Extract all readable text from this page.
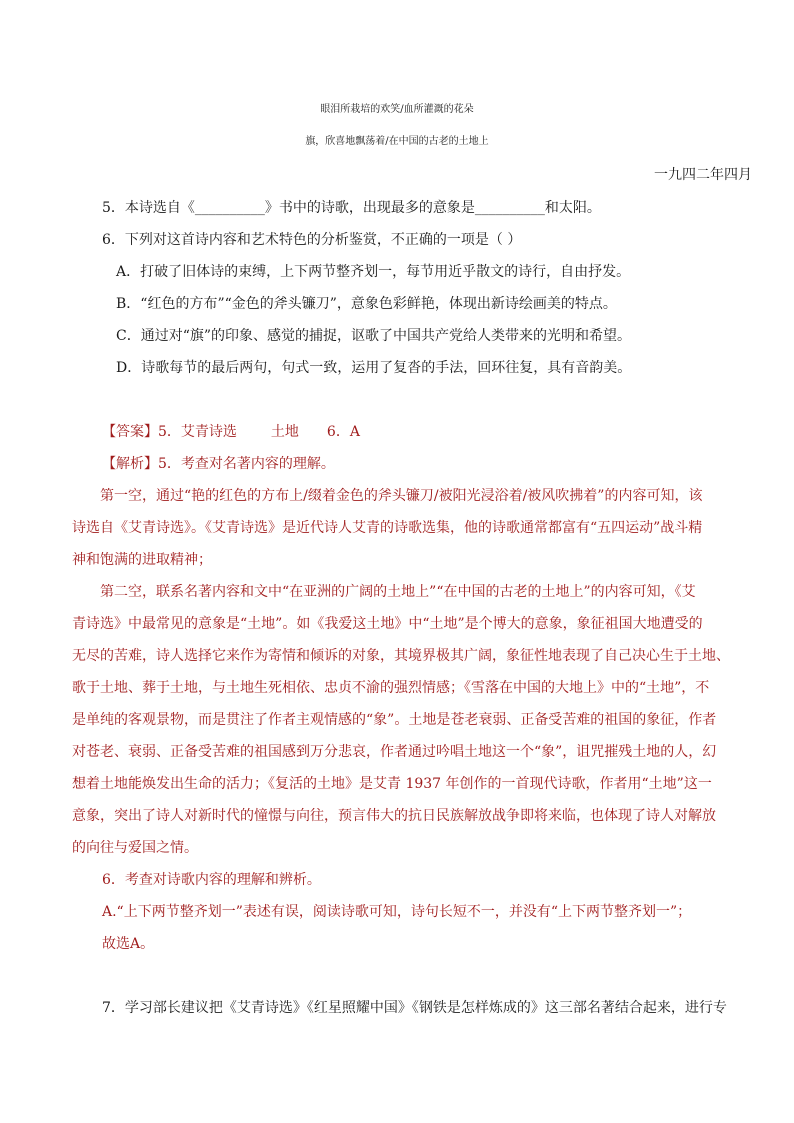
眼泪所栽培的欢笑/血所灌溉的花朵
旗，欣喜地飘荡着/在中国的古老的土地上
一九四二年四月
5．本诗选自《__________》书中的诗歌，出现最多的意象是__________和太阳。
6．下列对这首诗内容和艺术特色的分析鉴赏，不正确的一项是（ ）
A．打破了旧体诗的束缚，上下两节整齐划一，每节用近乎散文的诗行，自由抒发。
B．“红色的方布”“金色的斧头镰刀”，意象色彩鲜艳，体现出新诗绘画美的特点。
C．通过对“旗”的印象、感觉的捕捉，讴歌了中国共产党给人类带来的光明和希望。
D．诗歌每节的最后两句，句式一致，运用了复沓的手法，回环往复，具有音韵美。
【答案】5．艾青诗选 土地 6．A
【解析】5．考查对名著内容的理解。
第一空，通过“艳的红色的方布上/缀着金色的斧头镰刀/被阳光浸浴着/被风吹拂着”的内容可知，该
诗选自《艾青诗选》。《艾青诗选》是近代诗人艾青的诗歌选集，他的诗歌通常都富有“五四运动”战斗精
神和饱满的进取精神；
第二空，联系名著内容和文中“在亚洲的广阔的土地上”“在中国的古老的土地上”的内容可知，《艾
青诗选》中最常见的意象是“土地”。如《我爱这土地》中“土地”是个博大的意象，象征祖国大地遭受的
无尽的苦难，诗人选择它来作为寄情和倾诉的对象，其境界极其广阔，象征性地表现了自己决心生于土地、
歌于土地、葬于土地，与土地生死相依、忠贞不渝的强烈情感；《雪落在中国的大地上》中的“土地”，不
是单纯的客观景物，而是贯注了作者主观情感的“象”。土地是苍老衰弱、正备受苦难的祖国的象征，作者
对苍老、衰弱、正备受苦难的祖国感到万分悲哀，作者通过吟唱土地这一个“象”，诅咒摧残土地的人，幻
想着土地能焕发出生命的活力；《复活的土地》是艾青 1937 年创作的一首现代诗歌，作者用“土地”这一
意象，突出了诗人对新时代的憧憬与向往，预言伟大的抗日民族解放战争即将来临，也体现了诗人对解放
的向往与爱国之情。
6．考查对诗歌内容的理解和辨析。
A.“上下两节整齐划一”表述有误，阅读诗歌可知，诗句长短不一，并没有“上下两节整齐划一”；
故选A。
7．学习部长建议把《艾青诗选》《红星照耀中国》《钢铁是怎样炼成的》这三部名著结合起来，进行专
